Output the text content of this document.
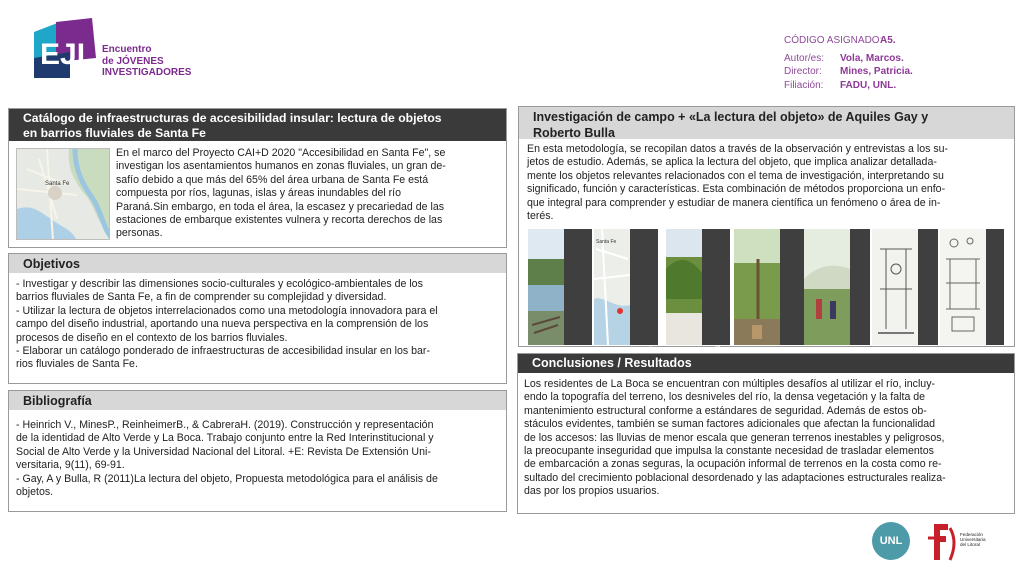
EJI Encuentro
de JÓVENES
INVESTIGADORES
CÓDIGO ASIGNADO:
A5.
Autor/es:	Vola, Marcos.
Director:	Mines, Patricia.
Filiación:	FADU, UNL.
Catálogo de infraestructuras de accesibilidad insular: lectura de objetos
en barrios fluviales de Santa Fe
Santa Fe
En el marco del Proyecto CAI+D 2020 "Accesibilidad en Santa Fe", se
investigan los asentamientos humanos en zonas fluviales, un gran de-
safío debido a que más del 65% del área urbana de Santa Fe está
compuesta por ríos, lagunas, islas y áreas inundables del río
Paraná.Sin embargo, en toda el área, la escasez y precariedad de las
estaciones de embarque existentes vulnera y recorta derechos de las
personas.
Objetivos
- Investigar y describir las dimensiones socio-culturales y ecológico-ambientales de los
barrios fluviales de Santa Fe, a fin de comprender su complejidad y diversidad.
- Utilizar la lectura de objetos interrelacionados como una metodología innovadora para el
campo del diseño industrial, aportando una nueva perspectiva en la comprensión de los
procesos de diseño en el contexto de los barrios fluviales.
- Elaborar un catálogo ponderado de infraestructuras de accesibilidad insular en los bar-
rios fluviales de Santa Fe.
Bibliografía
- Heinrich V., MinesP., ReinheimerB., & CabreraH. (2019). Construcción y representación
de la identidad de Alto Verde y La Boca. Trabajo conjunto entre la Red Interinstitucional y
Social de Alto Verde y la Universidad Nacional del Litoral. +E: Revista De Extensión Uni-
versitaria, 9(11), 69-91.
- Gay, A y Bulla, R (2011)La lectura del objeto, Propuesta metodológica para el análisis de
objetos.
Investigación de campo + «La lectura del objeto» de Aquiles Gay y
Roberto Bulla
En esta metodología, se recopilan datos a través de la observación y entrevistas a los su-
jetos de estudio. Además, se aplica la lectura del objeto, que implica analizar detallada-
mente los objetos relevantes relacionados con el tema de investigación, interpretando su
significado, función y características. Esta combinación de métodos proporciona un enfo-
que integral para comprender y estudiar de manera científica un fenómeno o área de in-
terés.
Santa Fe
Conclusiones / Resultados
Los residentes de La Boca se encuentran con múltiples desafíos al utilizar el río, incluy-
endo la topografía del terreno, los desniveles del río, la densa vegetación y la falta de
mantenimiento estructural conforme a estándares de seguridad. Además de estos ob-
stáculos evidentes, también se suman factores adicionales que afectan la funcionalidad
de los accesos: las lluvias de menor escala que generan terrenos inestables y peligrosos,
la preocupante inseguridad que impulsa la constante necesidad de trasladar elementos
de embarcación a zonas seguras, la ocupación informal de terrenos en la costa como re-
sultado del crecimiento poblacional desordenado y las adaptaciones estructurales realiza-
das por los propios usuarios.
UNL
Federación
Universitaria
del Litoral
